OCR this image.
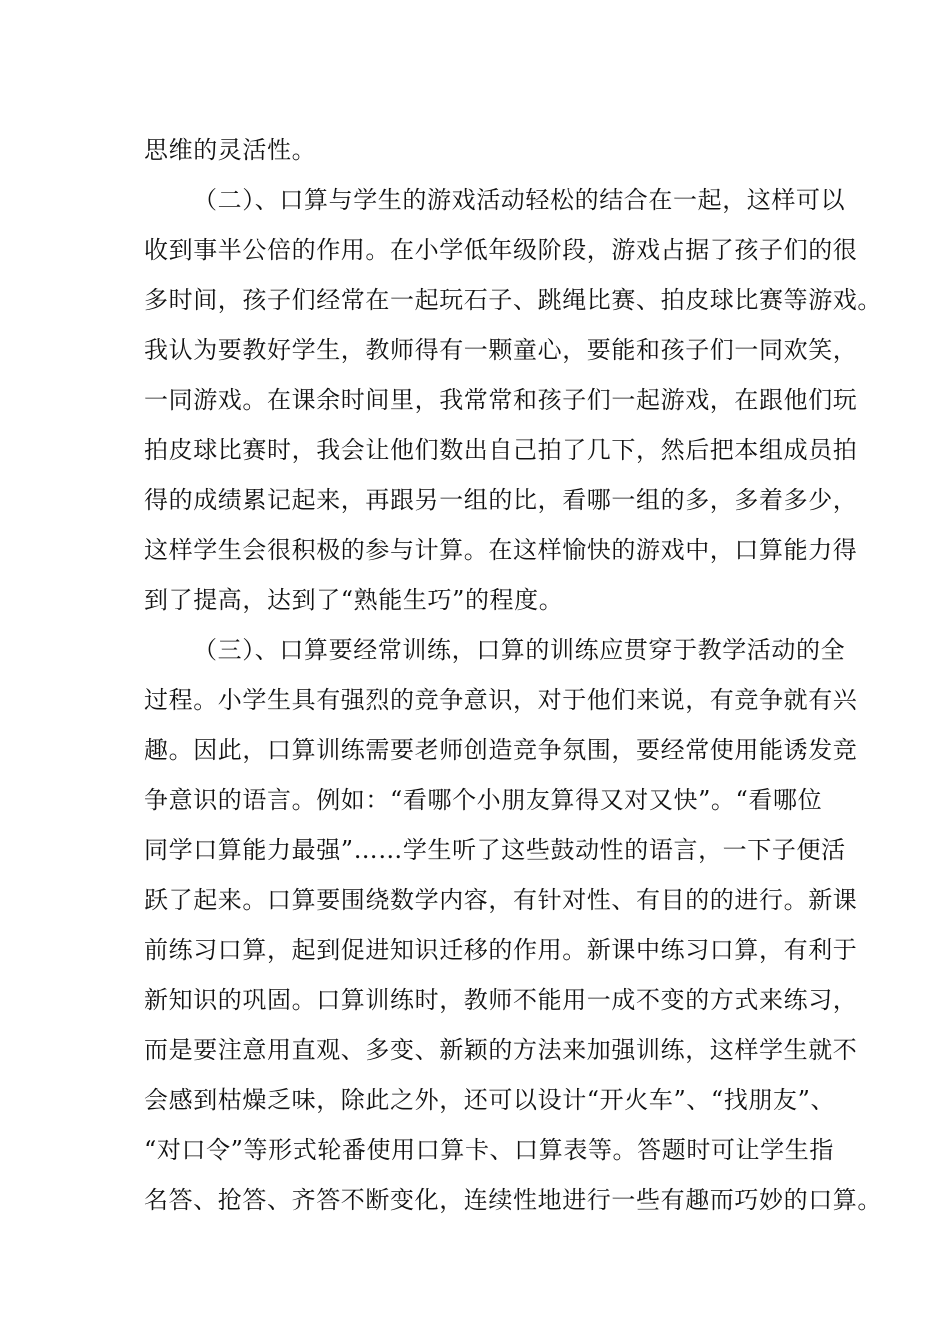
思维的灵活性。
（二）、口算与学生的游戏活动轻松的结合在一起，这样可以
收到事半公倍的作用。在小学低年级阶段，游戏占据了孩子们的很
多时间，孩子们经常在一起玩石子、跳绳比赛、拍皮球比赛等游戏。
我认为要教好学生，教师得有一颗童心，要能和孩子们一同欢笑，
一同游戏。在课余时间里，我常常和孩子们一起游戏，在跟他们玩
拍皮球比赛时，我会让他们数出自己拍了几下，然后把本组成员拍
得的成绩累记起来，再跟另一组的比，看哪一组的多，多着多少，
这样学生会很积极的参与计算。在这样愉快的游戏中，口算能力得
到了提高，达到了“熟能生巧”的程度。
（三）、口算要经常训练，口算的训练应贯穿于教学活动的全
过程。小学生具有强烈的竞争意识，对于他们来说，有竞争就有兴
趣。因此，口算训练需要老师创造竞争氛围，要经常使用能诱发竞
争意识的语言。例如：“看哪个小朋友算得又对又快”。“看哪位
同学口算能力最强”……学生听了这些鼓动性的语言，一下子便活
跃了起来。口算要围绕数学内容，有针对性、有目的的进行。新课
前练习口算，起到促进知识迁移的作用。新课中练习口算，有利于
新知识的巩固。口算训练时，教师不能用一成不变的方式来练习，
而是要注意用直观、多变、新颖的方法来加强训练，这样学生就不
会感到枯燥乏味，除此之外，还可以设计“开火车”、“找朋友”、
“对口令”等形式轮番使用口算卡、口算表等。答题时可让学生指
名答、抢答、齐答不断变化，连续性地进行一些有趣而巧妙的口算。
